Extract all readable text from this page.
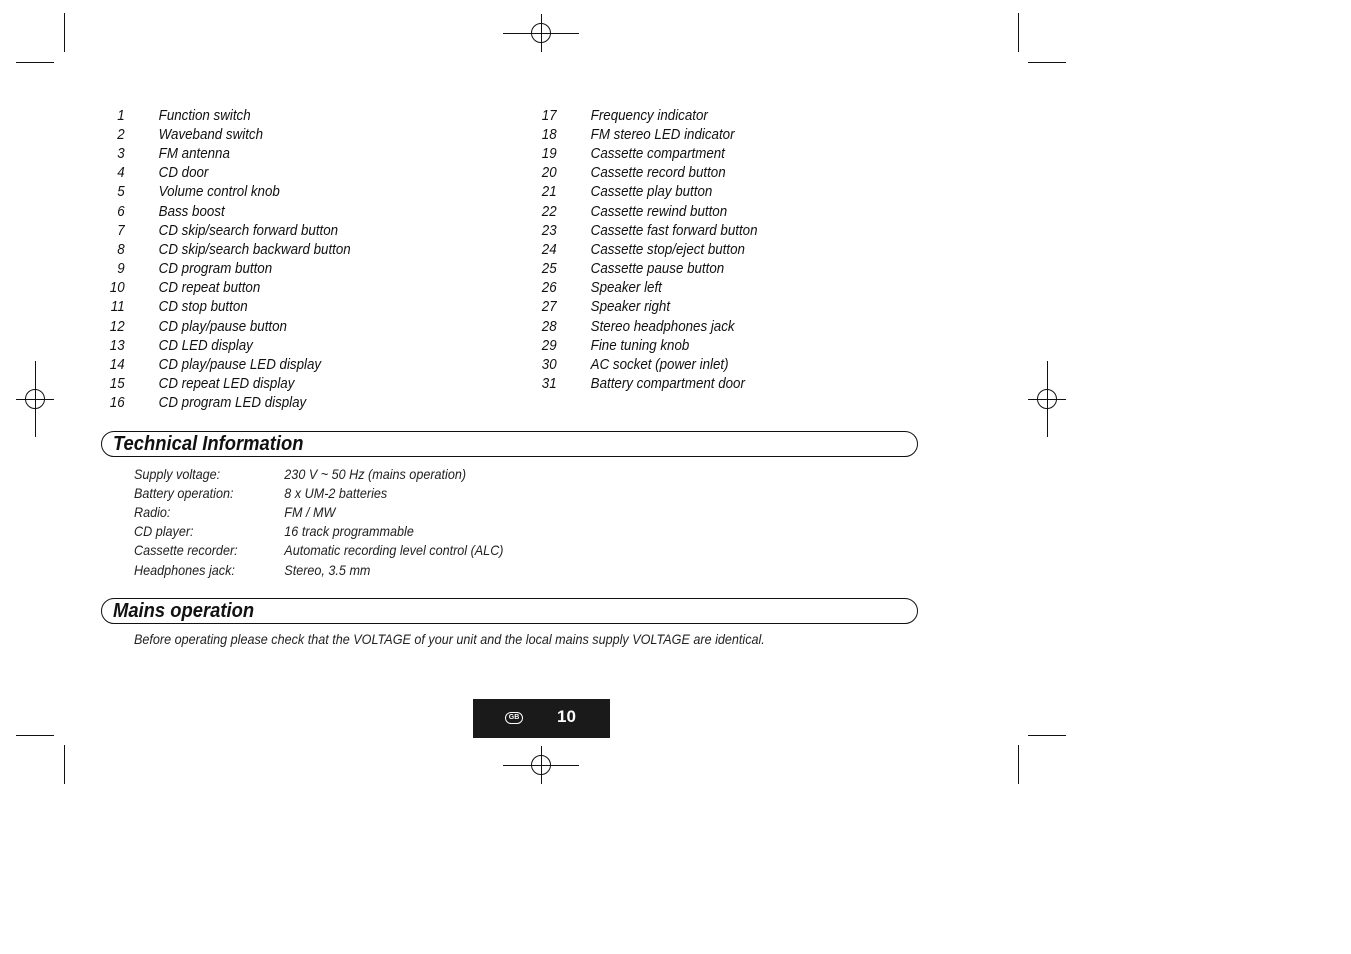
1 Function switch
2 Waveband switch
3 FM antenna
4 CD door
5 Volume control knob
6 Bass boost
7 CD skip/search forward button
8 CD skip/search backward button
9 CD program button
10 CD repeat button
11 CD stop button
12 CD play/pause button
13 CD LED display
14 CD play/pause LED display
15 CD repeat LED display
16 CD program LED display
17 Frequency indicator
18 FM stereo LED indicator
19 Cassette compartment
20 Cassette record button
21 Cassette play button
22 Cassette rewind button
23 Cassette fast forward button
24 Cassette stop/eject button
25 Cassette pause button
26 Speaker left
27 Speaker right
28 Stereo headphones jack
29 Fine tuning knob
30 AC socket (power inlet)
31 Battery compartment door
Technical Information
Supply voltage:	230 V ~ 50 Hz (mains operation)
Battery operation:	8 x UM-2 batteries
Radio:	FM / MW
CD player:	16 track programmable
Cassette recorder:	Automatic recording level control (ALC)
Headphones jack:	Stereo, 3.5 mm
Mains operation
Before operating please check that the VOLTAGE of your unit and the local mains supply VOLTAGE are identical.
GB 10
